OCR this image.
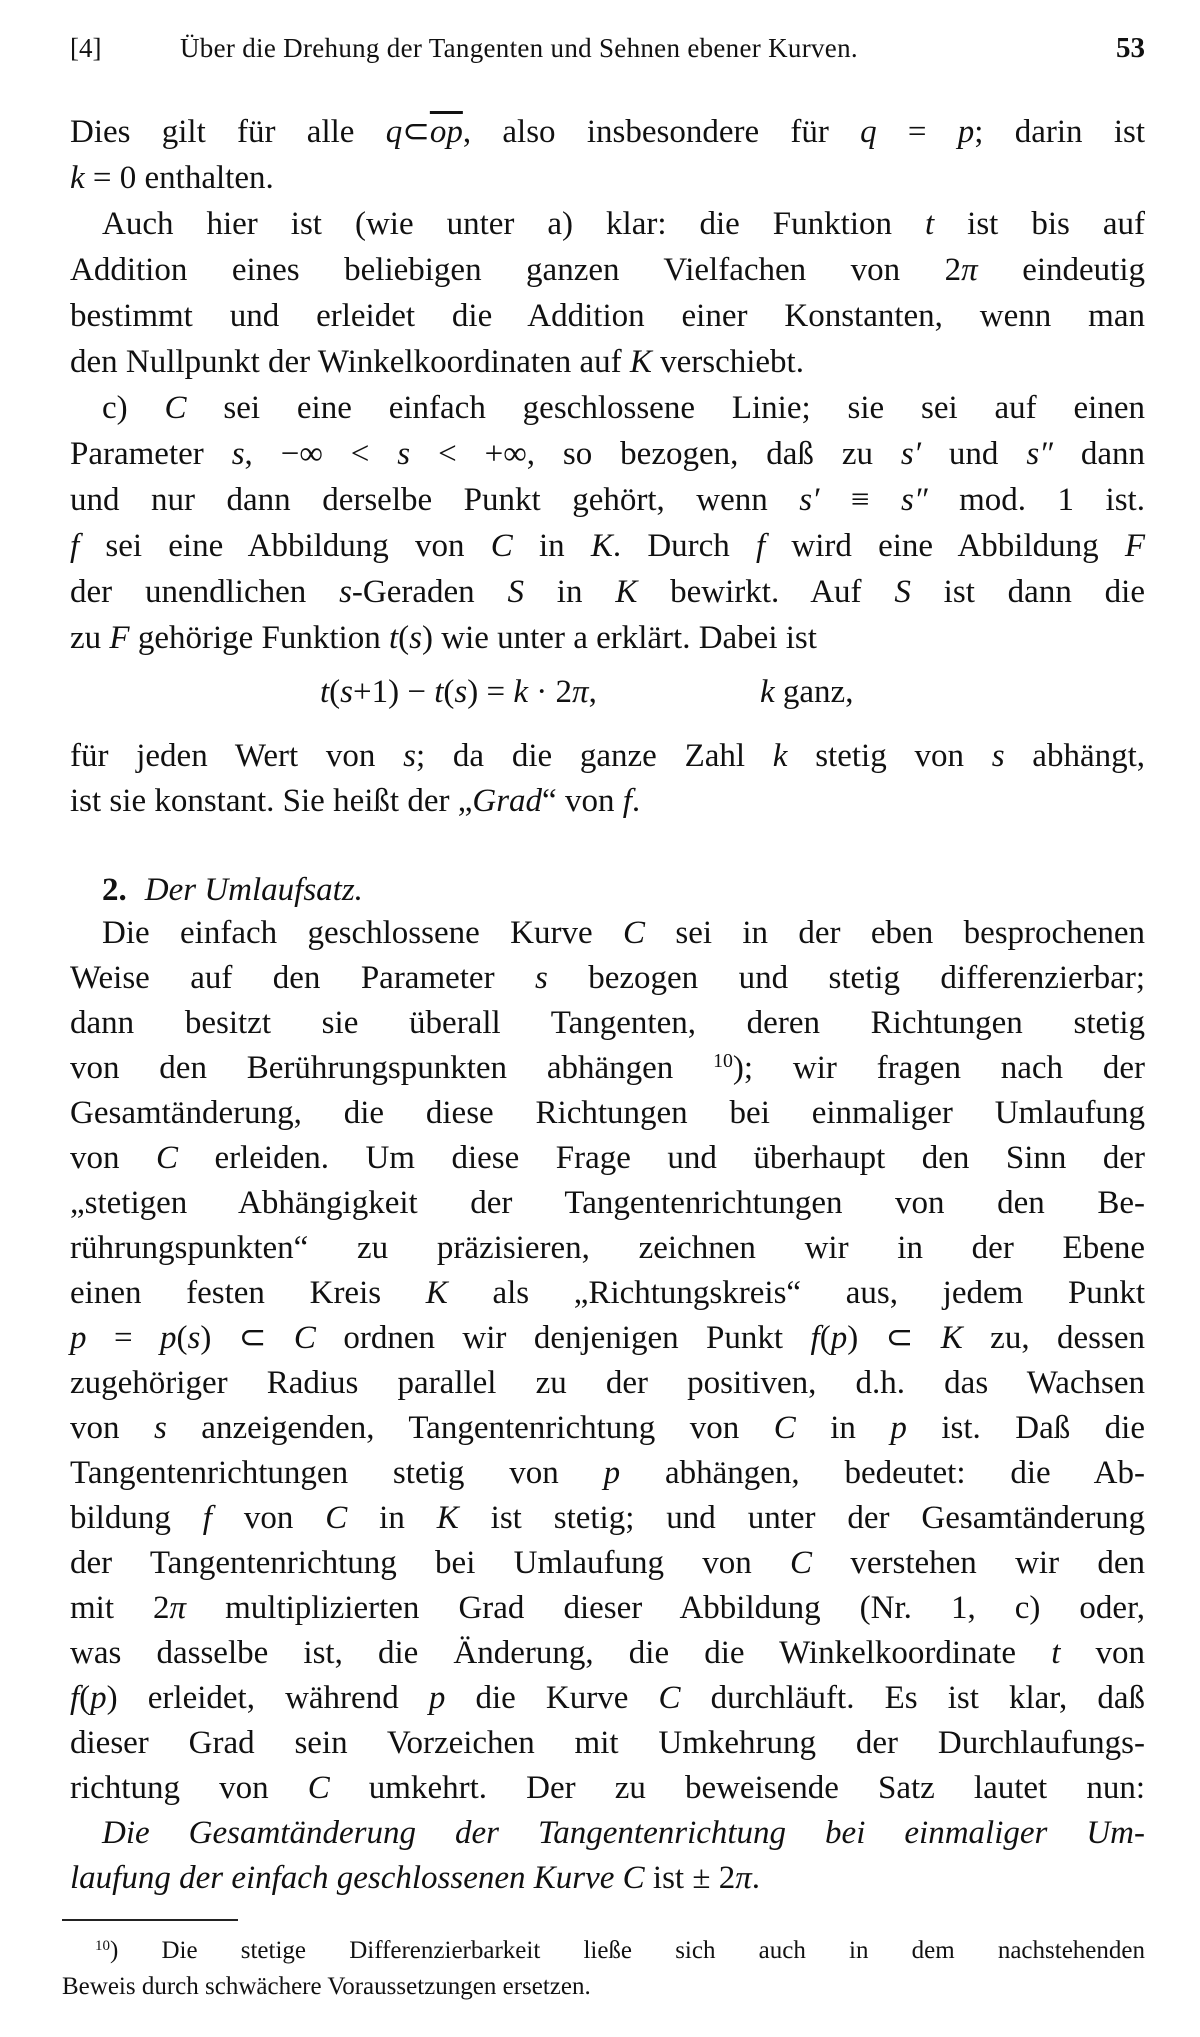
[4]	Über die Drehung der Tangenten und Sehnen ebener Kurven.	53
Dies gilt für alle $q\subset\overline{op}$, also insbesondere für q = p; darin ist
k = 0 enthalten.
Auch hier ist (wie unter a) klar: die Funktion t ist bis auf
Addition eines beliebigen ganzen Vielfachen von 2π eindeutig
bestimmt und erleidet die Addition einer Konstanten, wenn man
den Nullpunkt der Winkelkoordinaten auf K verschiebt.
c) C sei eine einfach geschlossene Linie; sie sei auf einen
Parameter s, −∞ < s < +∞, so bezogen, daß zu s′ und s″ dann
und nur dann derselbe Punkt gehört, wenn s′ ≡ s″ mod. 1 ist.
f sei eine Abbildung von C in K. Durch f wird eine Abbildung F
der unendlichen s-Geraden S in K bewirkt. Auf S ist dann die
zu F gehörige Funktion t(s) wie unter a erklärt. Dabei ist
t(s+1) − t(s) = k · 2π,	k ganz,
für jeden Wert von s; da die ganze Zahl k stetig von s abhängt,
ist sie konstant. Sie heißt der „Grad“ von f.
2. Der Umlaufsatz.
Die einfach geschlossene Kurve C sei in der eben besprochenen
Weise auf den Parameter s bezogen und stetig differenzierbar;
dann besitzt sie überall Tangenten, deren Richtungen stetig
von den Berührungspunkten abhängen $^{10}$); wir fragen nach der
Gesamtänderung, die diese Richtungen bei einmaliger Umlaufung
von C erleiden. Um diese Frage und überhaupt den Sinn der
„stetigen Abhängigkeit der Tangentenrichtungen von den Be-
rührungspunkten“ zu präzisieren, zeichnen wir in der Ebene
einen festen Kreis K als „Richtungskreis“ aus, jedem Punkt
p = p(s) ⊂ C ordnen wir denjenigen Punkt f(p) ⊂ K zu, dessen
zugehöriger Radius parallel zu der positiven, d.h. das Wachsen
von s anzeigenden, Tangentenrichtung von C in p ist. Daß die
Tangentenrichtungen stetig von p abhängen, bedeutet: die Ab-
bildung f von C in K ist stetig; und unter der Gesamtänderung
der Tangentenrichtung bei Umlaufung von C verstehen wir den
mit 2π multiplizierten Grad dieser Abbildung (Nr. 1, c) oder,
was dasselbe ist, die Änderung, die die Winkelkoordinate t von
f(p) erleidet, während p die Kurve C durchläuft. Es ist klar, daß
dieser Grad sein Vorzeichen mit Umkehrung der Durchlaufungs-
richtung von C umkehrt. Der zu beweisende Satz lautet nun:
Die Gesamtänderung der Tangentenrichtung bei einmaliger Um-
laufung der einfach geschlossenen Kurve C ist ± 2π.
$^{10}$) Die stetige Differenzierbarkeit ließe sich auch in dem nachstehenden
Beweis durch schwächere Voraussetzungen ersetzen.
